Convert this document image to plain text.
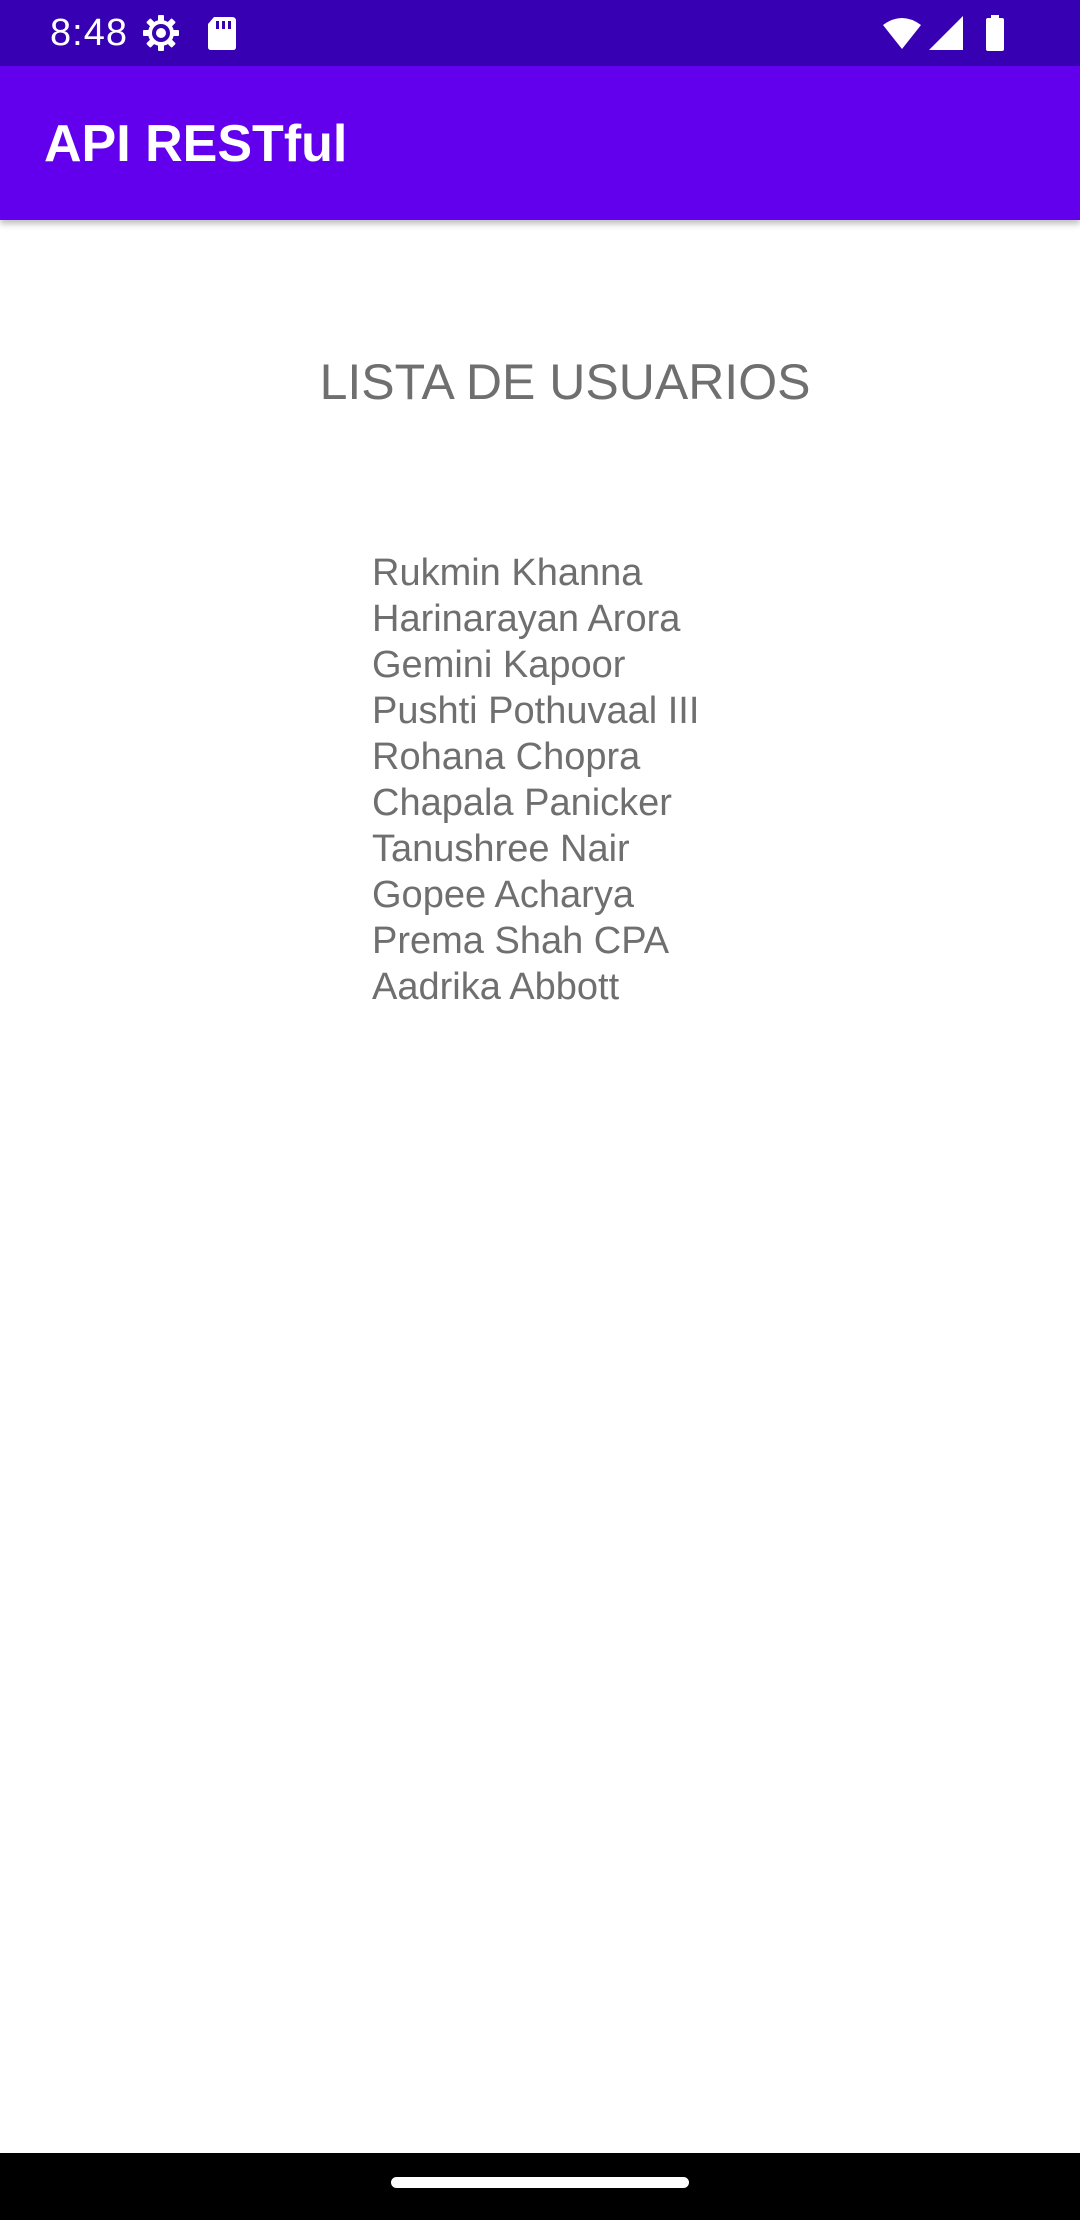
8:48
API RESTful
LISTA DE USUARIOS
Rukmin Khanna
Harinarayan Arora
Gemini Kapoor
Pushti Pothuvaal III
Rohana Chopra
Chapala Panicker
Tanushree Nair
Gopee Acharya
Prema Shah CPA
Aadrika Abbott
